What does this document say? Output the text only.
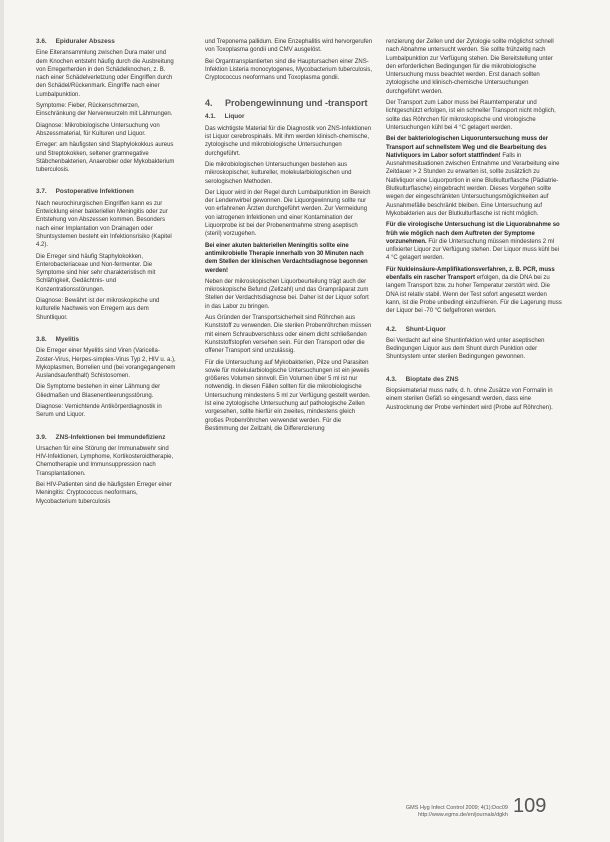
3.6. Epiduraler Abszess

Eine Eiteransammlung zwischen Dura mater und dem Knochen entsteht häufig durch die Ausbreitung von Erregerherden in den Schädelknochen, z. B. nach einer Schädelverletzung oder Eingriffen durch den Schädel/Rückenmark. Eingriffe nach einer Lumbalpunktion.

Symptome: Fieber, Rückenschmerzen, Einschränkung der Nervenwurzeln mit Lähmungen.

Diagnose: Mikrobiologische Untersuchung von Abszessmaterial, für Kulturen und Liquor.

Erreger: am häufigsten sind Staphylokokkus aureus und Streptokokken, seltener gramnegative Stäbchenbakterien, Anaerobier oder Mykobakterium tuberculosis.

3.7. Postoperative Infektionen

Nach neurochirurgischen Eingriffen kann es zur Entwicklung einer bakteriellen Meningitis oder zur Entstehung von Abszessen kommen. Besonders nach einer Implantation von Drainagen oder Shuntsystemen besteht ein Infektionsrisiko (Kapitel 4.2).

Die Erreger sind häufig Staphylokokken, Enterobacteriaceae und Non-fermenter. Die Symptome sind hier sehr charakteristisch mit Schläfrigkeit, Gedächtnis- und Konzentrationsstörungen.

Diagnose: Bewährt ist der mikroskopische und kulturelle Nachweis von Erregern aus dem Shuntliquor.

3.8. Myelitis

Die Erreger einer Myelitis sind Viren (Varicella-Zoster-Virus, Herpes-simplex-Virus Typ 2, HIV u. a.), Mykoplasmen, Borrelien und (bei vorangegangenem Auslandsaufenthalt) Schistosomen.

Die Symptome bestehen in einer Lähmung der Gliedmaßen und Blasenentleerungsstörung.

Diagnose: Vernichtende Antikörperdiagnostik in Serum und Liquor.

3.9. ZNS-Infektionen bei Immundefizienz

Ursachen für eine Störung der Immunabwehr sind HIV-Infektionen, Lymphome, Kortikosteroidtherapie, Chemotherapie und Immunsuppression nach Transplantationen.

Bei HIV-Patienten sind die häufigsten Erreger einer Meningitis: Cryptococcus neoformans, Mycobacterium tuberculosis

und Treponema pallidum. Eine Enzephalitis wird hervorgerufen von Toxoplasma gondii und CMV ausgelöst.

Bei Organtransplantierten sind die Hauptursachen einer ZNS-Infektion Listeria monocytogenes, Mycobacterium tuberculosis, Cryptococcus neoformans und Toxoplasma gondii.

4.	Probengewinnung und -transport
4.1. Liquor

Das wichtigste Material für die Diagnostik von ZNS-Infektionen ist Liquor cerebrospinalis. Mit ihm werden klinisch-chemische, zytologische und mikrobiologische Untersuchungen durchgeführt.

Die mikrobiologischen Untersuchungen bestehen aus mikroskopischer, kultureller, molekularbiologischen und serologischen Methoden.

Der Liquor wird in der Regel durch Lumbalpunktion im Bereich der Lendenwirbel gewonnen. Die Liquorgewinnung sollte nur von erfahrenen Ärzten durchgeführt werden. Zur Vermeidung von iatrogenen Infektionen und einer Kontamination der Liquorprobe ist bei der Probenentnahme streng aseptisch (steril) vorzugehen.

Bei einer akuten bakteriellen Meningitis sollte eine antimikrobielle Therapie innerhalb von 30 Minuten nach dem Stellen der klinischen Verdachtsdiagnose begonnen werden!

Neben der mikroskopischen Liquorbeurteilung trägt auch der mikroskopische Befund (Zellzahl) und das Grampräparat zum Stellen der Verdachtsdiagnose bei. Daher ist der Liquor sofort in das Labor zu bringen.

Aus Gründen der Transportsicherheit sind Röhrchen aus Kunststoff zu verwenden. Die sterilen Probenröhrchen müssen mit einem Schraubverschluss oder einem dicht schließenden Kunststoffstopfen versehen sein. Für den Transport oder die offener Transport sind unzulässig.

Für die Untersuchung auf Mykobakterien, Pilze und Parasiten sowie für molekularbiologische Untersuchungen ist ein jeweils größeres Volumen sinnvoll. Ein Volumen über 5 ml ist nur notwendig. In diesen Fällen sollten für die mikrobiologische Untersuchung mindestens 5 ml zur Verfügung gestellt werden. Ist eine zytologische Untersuchung auf pathologische Zellen vorgesehen, sollte hierfür ein zweites, mindestens gleich großes Probenröhrchen verwendet werden. Für die Bestimmung der Zellzahl, die Differenzierung

renzierung der Zellen und der Zytologie sollte möglichst schnell nach Abnahme untersucht werden. Sie sollte frühzeitig nach Lumbalpunktion zur Verfügung stehen. Die Bereitstellung unter den erforderlichen Bedingungen für die mikrobiologische Untersuchung muss beachtet werden. Erst danach sollten zytologische und klinisch-chemische Untersuchungen durchgeführt werden.

Der Transport zum Labor muss bei Raumtemperatur und lichtgeschützt erfolgen, ist ein schneller Transport nicht möglich, sollte das Röhrchen für mikroskopische und virologische Untersuchungen kühl bei 4 °C gelagert werden.

Bei der bakteriologischen Liquoruntersuchung muss der Transport auf schnellstem Weg und die Bearbeitung des Nativliquors im Labor sofort stattfinden! Falls in Ausnahmesituationen zwischen Entnahme und Verarbeitung eine Zeitdauer > 2 Stunden zu erwarten ist, sollte zusätzlich zu Nativliquor eine Liquorportion in eine Blutkulturflasche (Pädiatrie-Blutkulturflasche) eingebracht werden. Dieses Vorgehen sollte wegen der eingeschränkten Untersuchungsmöglichkeiten auf Ausnahmefälle beschränkt bleiben. Eine Untersuchung auf Mykobakterien aus der Blutkulturflasche ist nicht möglich.

Für die virologische Untersuchung ist die Liquorabnahme so früh wie möglich nach dem Auftreten der Symptome vorzunehmen. Für die Untersuchung müssen mindestens 2 ml unfixierter Liquor zur Verfügung stehen. Der Liquor muss kühl bei 4 °C gelagert werden.

Für Nukleinsäure-Amplifikationsverfahren, z. B. PCR, muss ebenfalls ein rascher Transport erfolgen, da die DNA bei zu langem Transport bzw. zu hoher Temperatur zerstört wird. Die DNA ist relativ stabil. Wenn der Test sofort angesetzt werden kann, ist die Probe unbedingt einzufrieren. Für die Lagerung muss der Liquor bei -70 °C tiefgefroren werden.

4.2. Shunt-Liquor

Bei Verdacht auf eine Shuntinfektion wird unter aseptischen Bedingungen Liquor aus dem Shunt durch Punktion oder Shuntsystem unter sterilen Bedingungen gewonnen.

4.3. Bioptate des ZNS

Biopsiematerial muss nativ, d. h. ohne Zusätze von Formalin in einem sterilen Gefäß so eingesandt werden, dass eine Austrocknung der Probe verhindert wird (Probe auf Röhrchen).

GMS Hyg Infect Control 2009; 4(1):Doc09
http://www.egms.de/en/journals/dgkh 109
